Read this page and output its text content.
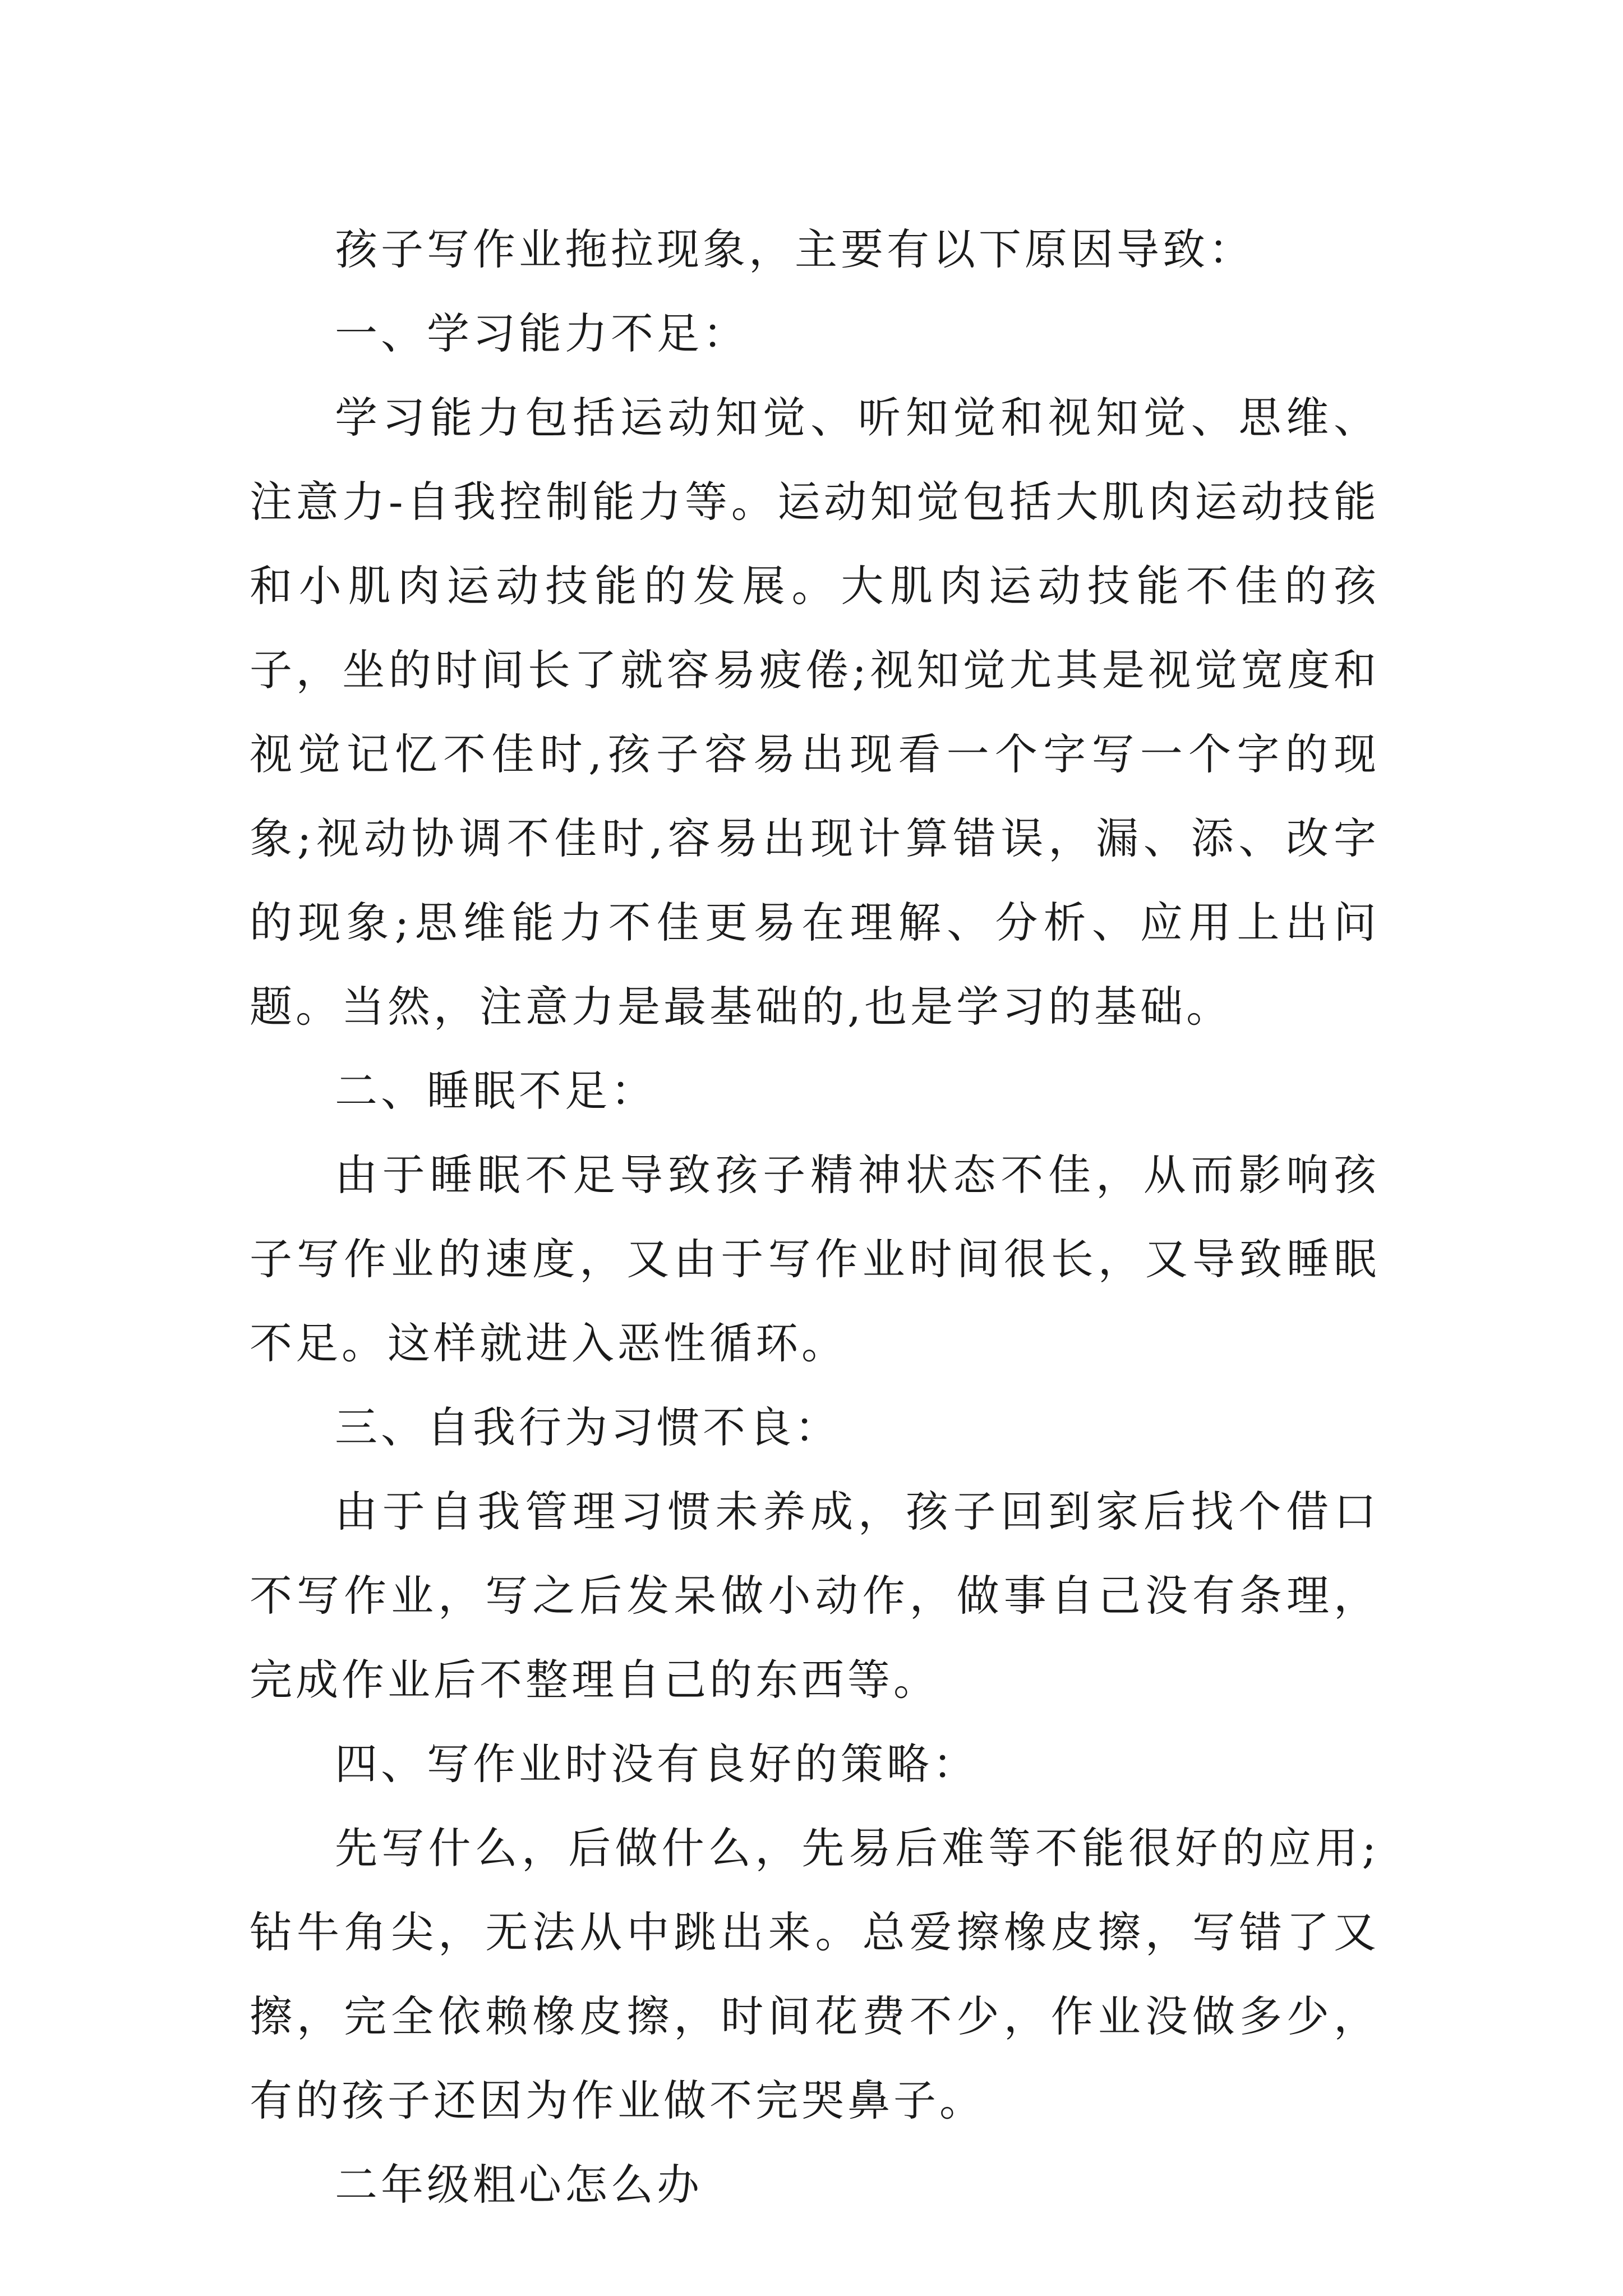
孩子写作业拖拉现象，主要有以下原因导致：

一、学习能力不足：

学习能力包括运动知觉、听知觉和视知觉、思维、注意力-自我控制能力等。运动知觉包括大肌肉运动技能和小肌肉运动技能的发展。大肌肉运动技能不佳的孩子，坐的时间长了就容易疲倦;视知觉尤其是视觉宽度和视觉记忆不佳时,孩子容易出现看一个字写一个字的现象;视动协调不佳时,容易出现计算错误，漏、添、改字的现象;思维能力不佳更易在理解、分析、应用上出问题。当然，注意力是最基础的,也是学习的基础。

二、睡眠不足：

由于睡眠不足导致孩子精神状态不佳，从而影响孩子写作业的速度，又由于写作业时间很长，又导致睡眠不足。这样就进入恶性循环。

三、自我行为习惯不良：

由于自我管理习惯未养成，孩子回到家后找个借口不写作业，写之后发呆做小动作，做事自己没有条理，完成作业后不整理自己的东西等。

四、写作业时没有良好的策略：

先写什么，后做什么，先易后难等不能很好的应用;钻牛角尖，无法从中跳出来。总爱擦橡皮擦，写错了又擦，完全依赖橡皮擦，时间花费不少，作业没做多少，有的孩子还因为作业做不完哭鼻子。

二年级粗心怎么办
